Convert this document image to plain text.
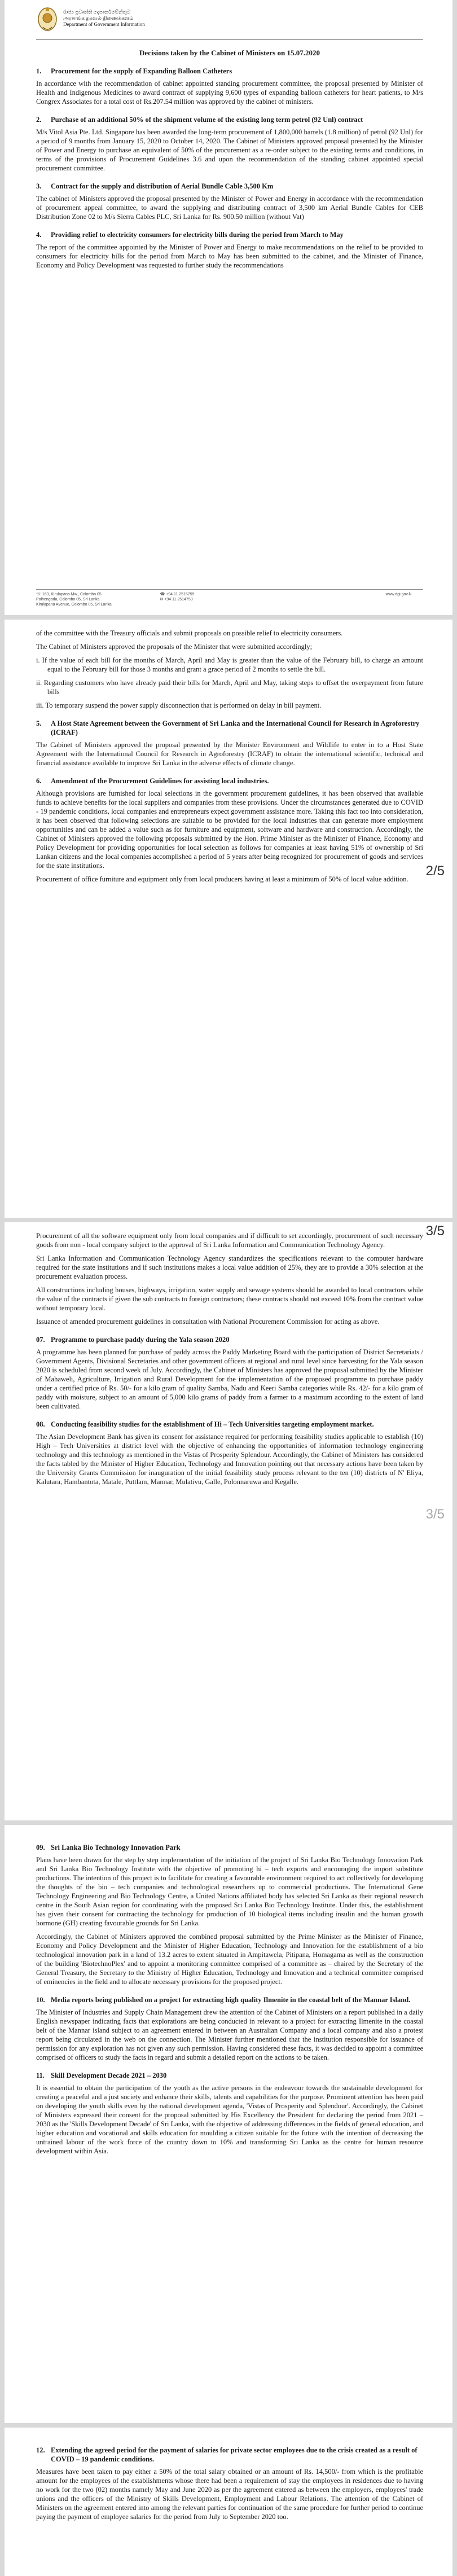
රාජ්‍ය ප්‍රවෘත්ති දෙපාර්තමේන්තුව
அரசாங்க தகவல் திணைக்களம்
Department of Government Information
Decisions taken by the Cabinet of Ministers on 15.07.2020
1. Procurement for the supply of Expanding Balloon Catheters

In accordance with the recommendation of cabinet appointed standing procurement committee, the proposal presented by Minister of Health and Indigenous Medicines to award contract of supplying 9,600 types of expanding balloon catheters for heart patients, to M/s Congrex Associates for a total cost of Rs.207.54 million was approved by the cabinet of ministers.

2. Purchase of an additional 50% of the shipment volume of the existing long term petrol (92 Unl) contract

M/s Vitol Asia Pte. Ltd. Singapore has been awarded the long-term procurement of 1,800,000 barrels (1.8 million) of petrol (92 Unl) for a period of 9 months from January 15, 2020 to October 14, 2020. The Cabinet of Ministers approved proposal presented by the Minister of Power and Energy to purchase an equivalent of 50% of the procurement as a re-order subject to the existing terms and conditions, in terms of the provisions of Procurement Guidelines 3.6 and upon the recommendation of the standing cabinet appointed special procurement committee.

3. Contract for the supply and distribution of Aerial Bundle Cable 3,500 Km

The cabinet of Ministers approved the proposal presented by the Minister of Power and Energy in accordance with the recommendation of procurement appeal committee, to award the supplying and distributing contract of 3,500 km Aerial Bundle Cables for CEB Distribution Zone 02 to M/s Sierra Cables PLC, Sri Lanka for Rs. 900.50 million (without Vat)

4. Providing relief to electricity consumers for electricity bills during the period from March to May

The report of the committee appointed by the Minister of Power and Energy to make recommendations on the relief to be provided to consumers for electricity bills for the period from March to May has been submitted to the cabinet, and the Minister of Finance, Economy and Policy Development was requested to further study the recommendations

☏ 163, Kirulapana Mw., Colombo 05
Polhengoda, Colombo 05, Sri Lanka
Kirulapana Avenue, Colombo 05, Sri Lanka
☎ +94 11 2515759
✉ +94 11 2514753
www.dgi.gov.lk

of the committee with the Treasury officials and submit proposals on possible relief to electricity consumers.

The Cabinet of Ministers approved the proposals of the Minister that were submitted accordingly;

i. If the value of each bill for the months of March, April and May is greater than the value of the February bill, to charge an amount equal to the February bill for those 3 months and grant a grace period of 2 months to settle the bill.
ii. Regarding customers who have already paid their bills for March, April and May, taking steps to offset the overpayment from future bills
iii. To temporary suspend the power supply disconnection that is performed on delay in bill payment.
5. A Host State Agreement between the Government of Sri Lanka and the International Council for Research in Agroforestry (ICRAF)

The Cabinet of Ministers approved the proposal presented by the Minister Environment and Wildlife to enter in to a Host State Agreement with the International Council for Research in Agroforestry (ICRAF) to obtain the international scientific, technical and financial assistance available to improve Sri Lanka in the adverse effects of climate change.

6. Amendment of the Procurement Guidelines for assisting local industries.

Although provisions are furnished for local selections in the government procurement guidelines, it has been observed that available funds to achieve benefits for the local suppliers and companies from these provisions. Under the circumstances generated due to COVID - 19 pandemic conditions, local companies and entrepreneurs expect government assistance more. Taking this fact too into consideration, it has been observed that following selections are suitable to be provided for the local industries that can generate more employment opportunities and can be added a value such as for furniture and equipment, software and hardware and construction. Accordingly, the Cabinet of Ministers approved the following proposals submitted by the Hon. Prime Minister as the Minister of Finance, Economy and Policy Development for providing opportunities for local selection as follows for companies at least having 51% of ownership of Sri Lankan citizens and the local companies accomplished a period of 5 years after being recognized for procurement of goods and services for the state institutions.

Procurement of office furniture and equipment only from local producers having at least a minimum of 50% of local value addition.

2/5

Procurement of all the software equipment only from local companies and if difficult to set accordingly, procurement of such necessary goods from non - local company subject to the approval of Sri Lanka Information and Communication Technology Agency.

Sri Lanka Information and Communication Technology Agency standardizes the specifications relevant to the computer hardware required for the state institutions and if such institutions makes a local value addition of 25%, they are to provide a 30% selection at the procurement evaluation process.

All constructions including houses, highways, irrigation, water supply and sewage systems should be awarded to local contractors while the value of the contracts if given the sub contracts to foreign contractors; these contracts should not exceed 10% from the contract value without temporary local.

Issuance of amended procurement guidelines in consultation with National Procurement Commission for acting as above.

07. Programme to purchase paddy during the Yala season 2020

A programme has been planned for purchase of paddy across the Paddy Marketing Board with the participation of District Secretariats / Government Agents, Divisional Secretaries and other government officers at regional and rural level since harvesting for the Yala season 2020 is scheduled from second week of July. Accordingly, the Cabinet of Ministers has approved the proposal submitted by the Minister of Mahaweli, Agriculture, Irrigation and Rural Development for the implementation of the proposed programme to purchase paddy under a certified price of Rs. 50/- for a kilo gram of quality Samba, Nadu and Keeri Samba categories while Rs. 42/- for a kilo gram of paddy with moisture, subject to an amount of 5,000 kilo grams of paddy from a farmer to a maximum according to the extent of land been cultivated.

08. Conducting feasibility studies for the establishment of Hi – Tech Universities targeting employment market.

The Asian Development Bank has given its consent for assistance required for performing feasibility studies applicable to establish (10) High – Tech Universities at district level with the objective of enhancing the opportunities of information technology engineering technology and this technology as mentioned in the Vistas of Prosperity Splendour. Accordingly, the Cabinet of Ministers has considered the facts tabled by the Minister of Higher Education, Technology and Innovation pointing out that necessary actions have been taken by the University Grants Commission for inauguration of the initial feasibility study process relevant to the ten (10) districts of N' Eliya, Kalutara, Hambantota, Matale, Puttlam, Mannar, Mulativu, Galle, Polonnaruwa and Kegalle.

3/5
3/5
09. Sri Lanka Bio Technology Innovation Park

Plans have been drawn for the step by step implementation of the initiation of the project of Sri Lanka Bio Technology Innovation Park and Sri Lanka Bio Technology Institute with the objective of promoting hi – tech exports and encouraging the import substitute productions. The intention of this project is to facilitate for creating a favourable environment required to act collectively for developing the thoughts of the bio – tech companies and technological researchers up to commercial productions. The International Gene Technology Engineering and Bio Technology Centre, a United Nations affiliated body has selected Sri Lanka as their regional research centre in the South Asian region for coordinating with the proposed Sri Lanka Bio Technology Institute. Under this, the establishment has given their consent for contracting the technology for production of 10 biological items including insulin and the human growth hormone (GH) creating favourable grounds for Sri Lanka.

Accordingly, the Cabinet of Ministers approved the combined proposal submitted by the Prime Minister as the Minister of Finance, Economy and Policy Development and the Minister of Higher Education, Technology and Innovation for the establishment of a bio technological innovation park in a land of 13.2 acres to extent situated in Ampitawela, Pitipana, Homagama as well as the construction of the building 'BiotechnoPlex' and to appoint a monitoring committee comprised of a committee as – chaired by the Secretary of the General Treasury, the Secretary to the Ministry of Higher Education, Technology and Innovation and a technical committee comprised of eminencies in the field and to allocate necessary provisions for the proposed project.

10. Media reports being published on a project for extracting high quality Ilmenite in the coastal belt of the Mannar Island.

The Minister of Industries and Supply Chain Management drew the attention of the Cabinet of Ministers on a report published in a daily English newspaper indicating facts that explorations are being conducted in relevant to a project for extracting Ilmenite in the coastal belt of the Mannar island subject to an agreement entered in between an Australian Company and a local company and also a protest report being circulated in the web on the connection. The Minister further mentioned that the institution responsible for issuance of permission for any exploration has not given any such permission. Having considered these facts, it was decided to appoint a committee comprised of officers to study the facts in regard and submit a detailed report on the actions to be taken.

11. Skill Development Decade 2021 – 2030

It is essential to obtain the participation of the youth as the active persons in the endeavour towards the sustainable development for creating a peaceful and a just society and enhance their skills, talents and capabilities for the purpose. Prominent attention has been paid on developing the youth skills even by the national development agenda, 'Vistas of Prosperity and Splendour'. Accordingly, the Cabinet of Ministers expressed their consent for the proposal submitted by His Excellency the President for declaring the period from 2021 – 2030 as the 'Skills Development Decade' of Sri Lanka, with the objective of addressing differences in the fields of general education, and higher education and vocational and skills education for moulding a citizen suitable for the future with the intention of decreasing the untrained labour of the work force of the country down to 10% and transforming Sri Lanka as the centre for human resource development within Asia.

12. Extending the agreed period for the payment of salaries for private sector employees due to the crisis created as a result of COVID – 19 pandemic conditions.

Measures have been taken to pay either a 50% of the total salary obtained or an amount of Rs. 14,500/- from which is the profitable amount for the employees of the establishments whose there had been a requirement of stay the employees in residences due to having no work for the two (02) months namely May and June 2020 as per the agreement entered as between the employers, employees' trade unions and the officers of the Ministry of Skills Development, Employment and Labour Relations. The attention of the Cabinet of Ministers on the agreement entered into among the relevant parties for continuation of the same procedure for further period to continue paying the payment of employee salaries for the period from July to September 2020 too.
